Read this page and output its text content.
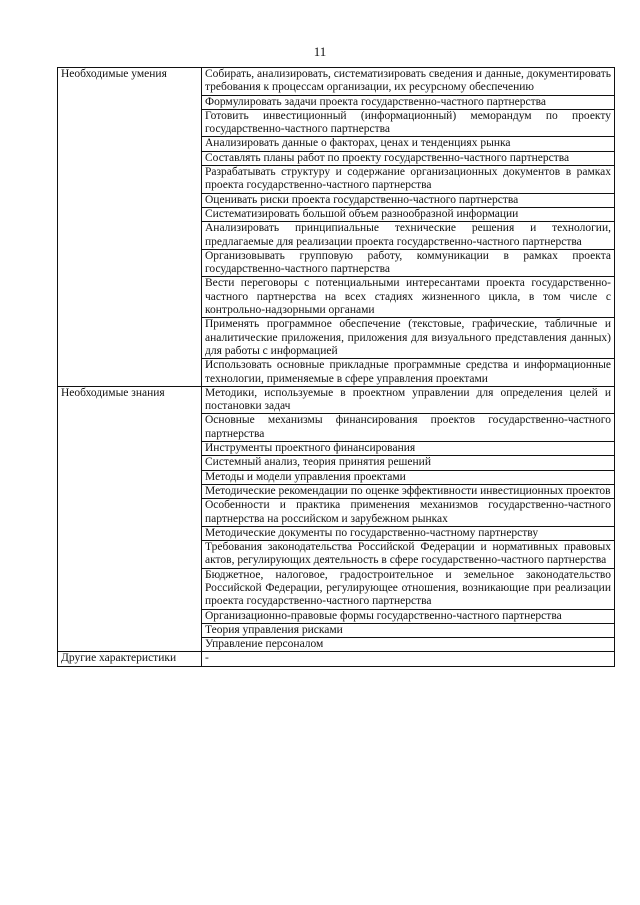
11
Необходимые умения	Собирать, анализировать, систематизировать сведения и данные, документировать требования к процессам организации, их ресурсному обеспечению
	Формулировать задачи проекта государственно-частного партнерства
	Готовить инвестиционный (информационный) меморандум по проекту государственно-частного партнерства
	Анализировать данные о факторах, ценах и тенденциях рынка
	Составлять планы работ по проекту государственно-частного партнерства
	Разрабатывать структуру и содержание организационных документов в рамках проекта государственно-частного партнерства
	Оценивать риски проекта государственно-частного партнерства
	Систематизировать большой объем разнообразной информации
	Анализировать принципиальные технические решения и технологии, предлагаемые для реализации проекта государственно-частного партнерства
	Организовывать групповую работу, коммуникации в рамках проекта государственно-частного партнерства
	Вести переговоры с потенциальными интересантами проекта государственно-частного партнерства на всех стадиях жизненного цикла, в том числе с контрольно-надзорными органами
	Применять программное обеспечение (текстовые, графические, табличные и аналитические приложения, приложения для визуального представления данных) для работы с информацией
	Использовать основные прикладные программные средства и информационные технологии, применяемые в сфере управления проектами
Необходимые знания	Методики, используемые в проектном управлении для определения целей и постановки задач
	Основные механизмы финансирования проектов государственно-частного партнерства
	Инструменты проектного финансирования
	Системный анализ, теория принятия решений
	Методы и модели управления проектами
	Методические рекомендации по оценке эффективности инвестиционных проектов
	Особенности и практика применения механизмов государственно-частного партнерства на российском и зарубежном рынках
	Методические документы по государственно-частному партнерству
	Требования законодательства Российской Федерации и нормативных правовых актов, регулирующих деятельность в сфере государственно-частного партнерства
	Бюджетное, налоговое, градостроительное и земельное законодательство Российской Федерации, регулирующее отношения, возникающие при реализации проекта государственно-частного партнерства
	Организационно-правовые формы государственно-частного партнерства
	Теория управления рисками
	Управление персоналом
Другие характеристики	-
